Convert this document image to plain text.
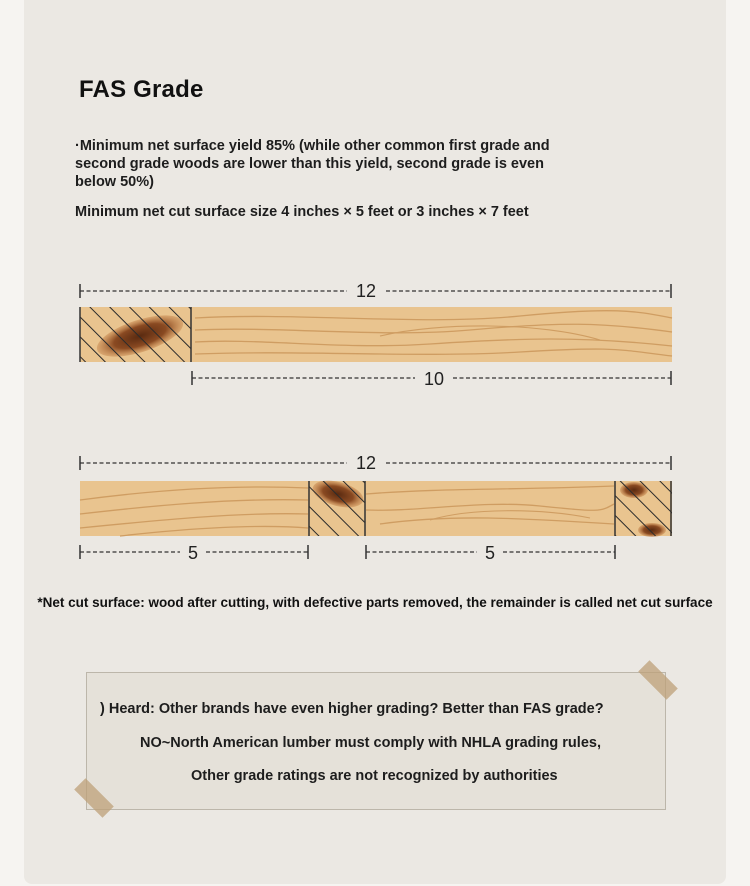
FAS Grade
·Minimum net surface yield 85% (while other common first grade and second grade woods are lower than this yield, second grade is even below 50%)
Minimum net cut surface size 4 inches × 5 feet or 3 inches × 7 feet
12
10
12
5	5
*Net cut surface: wood after cutting, with defective parts removed, the remainder is called net cut surface
) Heard: Other brands have even higher grading? Better than FAS grade?
NO~North American lumber must comply with NHLA grading rules,
Other grade ratings are not recognized by authorities
